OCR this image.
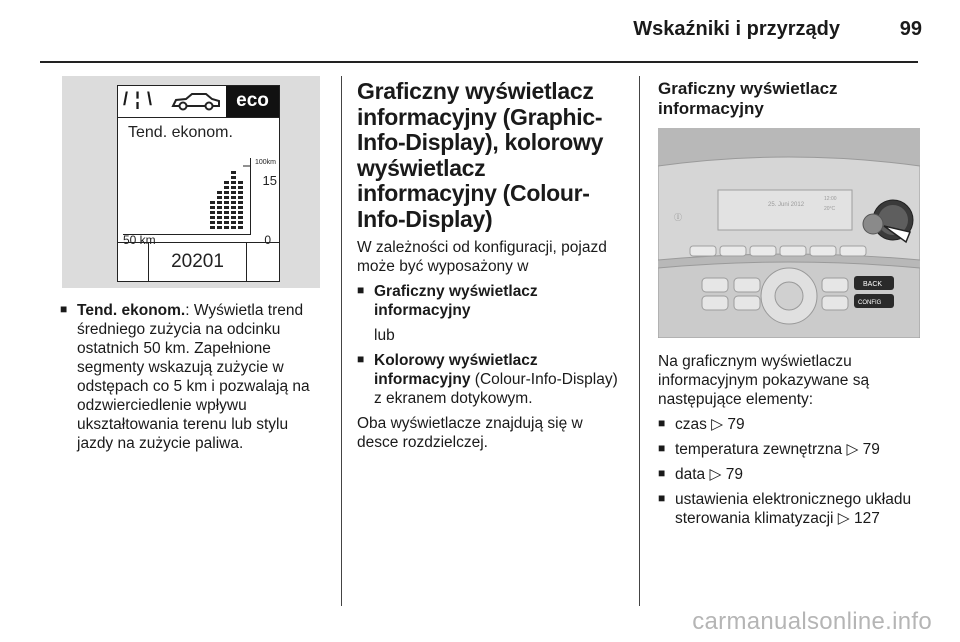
Wskaźniki i przyrządy	99
/ ¦ \	eco
Tend. ekonom.
100km
15
50 km	0
20201
■ Tend. ekonom.: Wyświetla trend średniego zużycia na odcinku ostatnich 50 km. Zapełnione segmenty wskazują zużycie w odstępach co 5 km i pozwalają na odzwierciedlenie wpływu ukształtowania terenu lub stylu jazdy na zużycie paliwa.
Graficzny wyświetlacz informacyjny (Graphic-Info-Display), kolorowy wyświetlacz informacyjny (Colour-Info-Display)

W zależności od konfiguracji, pojazd może być wyposażony w

■ Graficzny wyświetlacz informacyjny

lub

■ Kolorowy wyświetlacz informacyjny (Colour-Info-Display) z ekranem dotykowym.

Oba wyświetlacze znajdują się w desce rozdzielczej.

Graficzny wyświetlacz informacyjny
Ⓘ
25. Juni 2012
12:00
20°C
BACK
CONFIG

Na graficznym wyświetlaczu informacyjnym pokazywane są następujące elementy:

■ czas ▷ 79
■ temperatura zewnętrzna ▷ 79
■ data ▷ 79
■ ustawienia elektronicznego układu sterowania klimatyzacji ▷ 127
carmanualsonline.info
